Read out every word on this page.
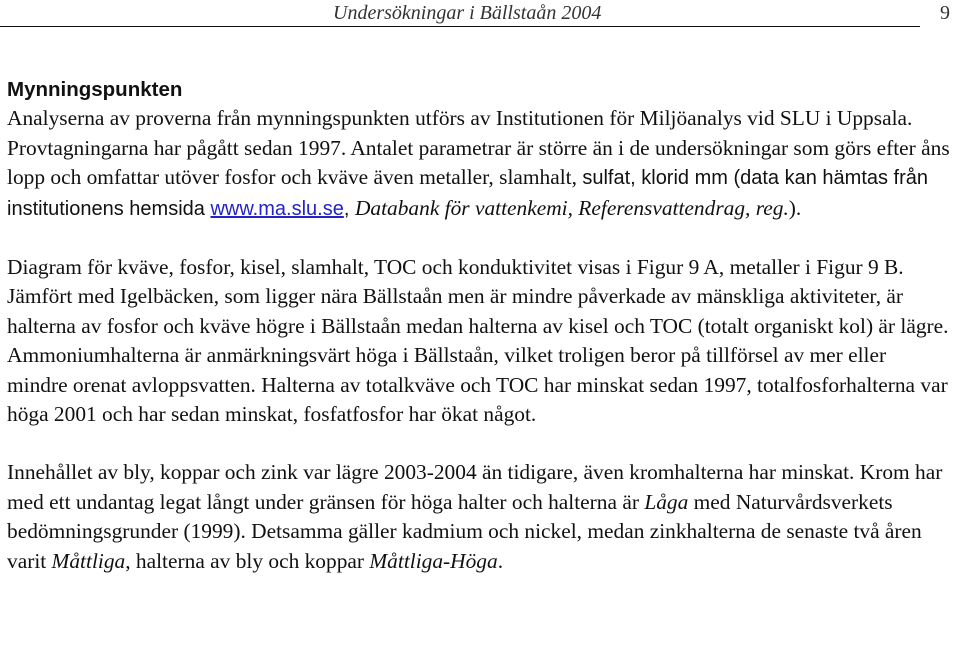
Undersökningar i Bällstaån 2004	9
Mynningspunkten

Analyserna av proverna från mynningspunkten utförs av Institutionen för Miljöanalys vid SLU i Uppsala. Provtagningarna har pågått sedan 1997. Antalet parametrar är större än i de undersökningar som görs efter åns lopp och omfattar utöver fosfor och kväve även metaller, slamhalt, sulfat, klorid mm (data kan hämtas från institutionens hemsida www.ma.slu.se, Databank för vattenkemi, Referensvattendrag, reg.).

Diagram för kväve, fosfor, kisel, slamhalt, TOC och konduktivitet visas i Figur 9 A, metaller i Figur 9 B. Jämfört med Igelbäcken, som ligger nära Bällstaån men är mindre påverkade av mänskliga aktiviteter, är halterna av fosfor och kväve högre i Bällstaån medan halterna av kisel och TOC (totalt organiskt kol) är lägre. Ammoniumhalterna är anmärkningsvärt höga i Bällstaån, vilket troligen beror på tillförsel av mer eller mindre orenat avloppsvatten. Halterna av totalkväve och TOC har minskat sedan 1997, totalfosforhalterna var höga 2001 och har sedan minskat, fosfatfosfor har ökat något.

Innehållet av bly, koppar och zink var lägre 2003-2004 än tidigare, även kromhalterna har minskat. Krom har med ett undantag legat långt under gränsen för höga halter och halterna är Låga med Naturvårdsverkets bedömningsgrunder (1999). Detsamma gäller kadmium och nickel, medan zinkhalterna de senaste två åren varit Måttliga, halterna av bly och koppar Måttliga-Höga.
